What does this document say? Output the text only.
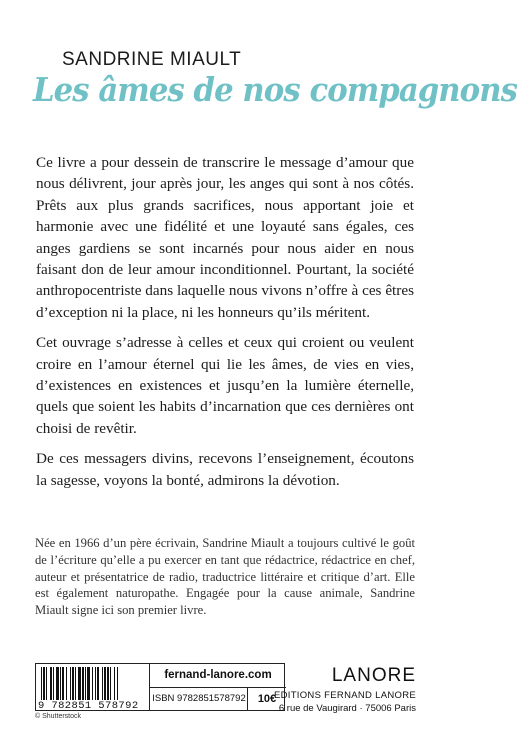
SANDRINE MIAULT
Les âmes de nos compagnons

Ce livre a pour dessein de transcrire le message d’amour que nous délivrent, jour après jour, les anges qui sont à nos côtés. Prêts aux plus grands sacrifices, nous apportant joie et harmonie avec une fidélité et une loyauté sans égales, ces anges gardiens se sont incarnés pour nous aider en nous faisant don de leur amour inconditionnel. Pourtant, la société anthropocentriste dans laquelle nous vivons n’offre à ces êtres d’exception ni la place, ni les honneurs qu’ils méritent.

Cet ouvrage s’adresse à celles et ceux qui croient ou veulent croire en l’amour éternel qui lie les âmes, de vies en vies, d’existences en existences et jusqu’en la lumière éternelle, quels que soient les habits d’incarnation que ces dernières ont choisi de revêtir.

De ces messagers divins, recevons l’enseignement, écoutons la sagesse, voyons la bonté, admirons la dévotion.

Née en 1966 d’un père écrivain, Sandrine Miault a toujours cultivé le goût de l’écriture qu’elle a pu exercer en tant que rédactrice, rédactrice en chef, auteur et présentatrice de radio, traductrice littéraire et critique d’art. Elle est également naturopathe. Engagée pour la cause animale, Sandrine Miault signe ici son premier livre.

9 782851 578792
fernand-lanore.com
ISBN 9782851578792	10€
© Shutterstock
LANORE
EDITIONS FERNAND LANORE
6 rue de Vaugirard · 75006 Paris
